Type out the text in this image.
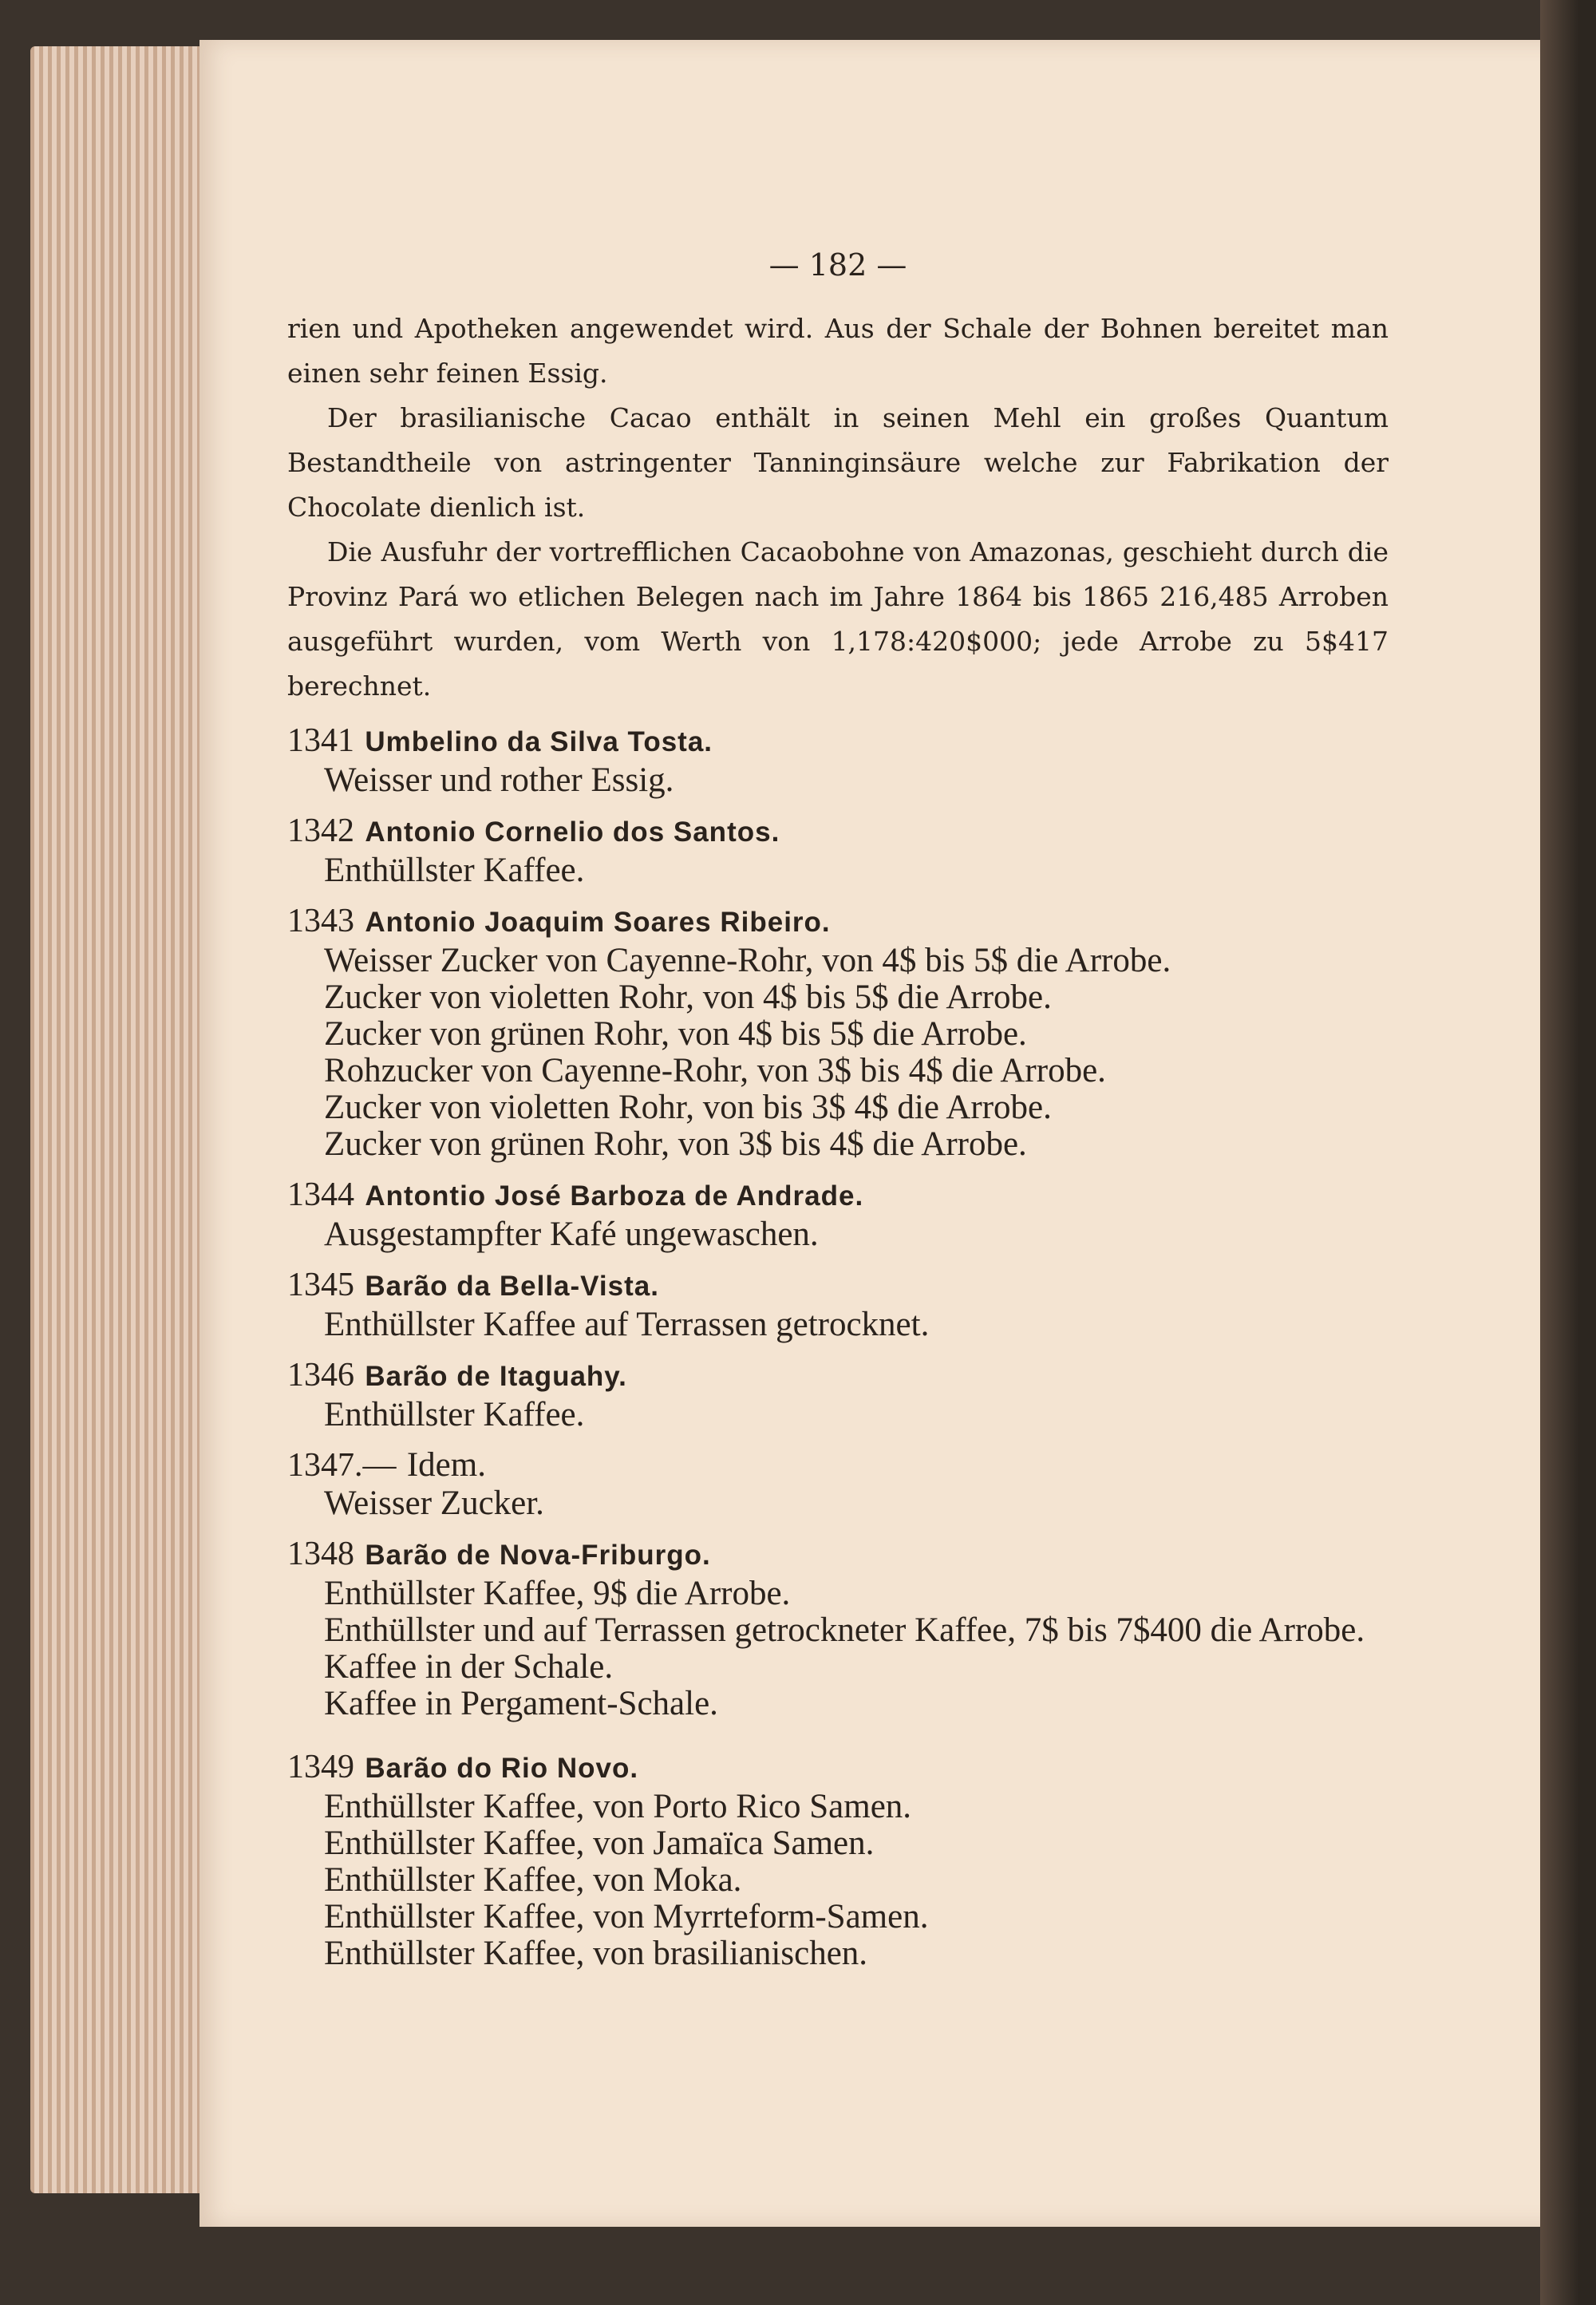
— 182 —

rien und Apotheken angewendet wird. Aus der Schale der Bohnen bereitet man einen sehr feinen Essig.

Der brasilianische Cacao enthält in seinen Mehl ein großes Quantum Bestandtheile von astringenter Tanninginsäure welche zur Fabrikation der Chocolate dienlich ist.

Die Ausfuhr der vortrefflichen Cacaobohne von Amazonas, geschieht durch die Provinz Pará wo etlichen Belegen nach im Jahre 1864 bis 1865 216,485 Arroben ausgeführt wurden, vom Werth von 1,178:420$000; jede Arrobe zu 5$417 berechnet.

1341 Umbelino da Silva Tosta.

Weisser und rother Essig.

1342 Antonio Cornelio dos Santos.

Enthüllster Kaffee.

1343 Antonio Joaquim Soares Ribeiro.

Weisser Zucker von Cayenne-Rohr, von 4$ bis 5$ die Arrobe.

Zucker von violetten Rohr, von 4$ bis 5$ die Arrobe.

Zucker von grünen Rohr, von 4$ bis 5$ die Arrobe.

Rohzucker von Cayenne-Rohr, von 3$ bis 4$ die Arrobe.

Zucker von violetten Rohr, von bis 3$ 4$ die Arrobe.

Zucker von grünen Rohr, von 3$ bis 4$ die Arrobe.

1344 Antontio José Barboza de Andrade.

Ausgestampfter Kafé ungewaschen.

1345 Barão da Bella-Vista.

Enthüllster Kaffee auf Terrassen getrocknet.

1346 Barão de Itaguahy.

Enthüllster Kaffee.

1347.— Idem.

Weisser Zucker.

1348 Barão de Nova-Friburgo.

Enthüllster Kaffee, 9$ die Arrobe.

Enthüllster und auf Terrassen getrockneter Kaffee, 7$ bis 7$400 die Arrobe.

Kaffee in der Schale.

Kaffee in Pergament-Schale.

1349 Barão do Rio Novo.

Enthüllster Kaffee, von Porto Rico Samen.

Enthüllster Kaffee, von Jamaïca Samen.

Enthüllster Kaffee, von Moka.

Enthüllster Kaffee, von Myrrteform-Samen.

Enthüllster Kaffee, von brasilianischen.
